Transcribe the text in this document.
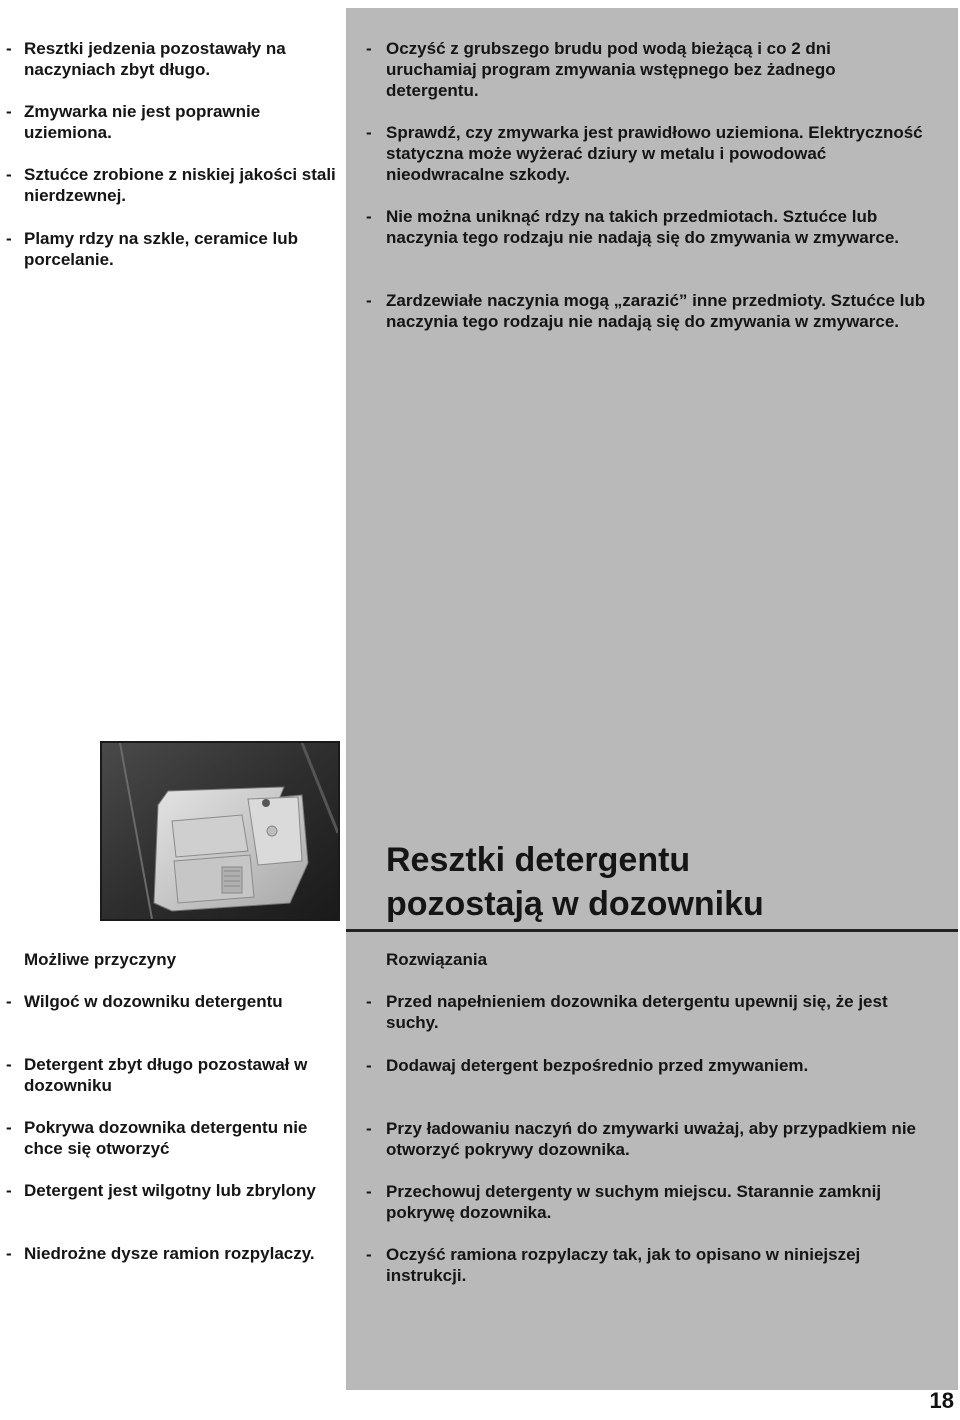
- Resztki jedzenia pozostawały na naczyniach zbyt długo.
- Zmywarka nie jest poprawnie uziemiona.
- Sztućce zrobione z niskiej jakości stali nierdzewnej.
- Plamy rdzy na szkle, ceramice lub porcelanie.
- Oczyść z grubszego brudu pod wodą bieżącą i co 2 dni uruchamiaj program zmywania wstępnego bez żadnego detergentu.
- Sprawdź, czy zmywarka jest prawidłowo uziemiona. Elektryczność statyczna może wyżerać dziury w metalu i powodować nieodwracalne szkody.
- Nie można uniknąć rdzy na takich przedmiotach. Sztućce lub naczynia tego rodzaju nie nadają się do zmywania w zmywarce.
- Zardzewiałe naczynia mogą „zarazić” inne przedmioty. Sztućce lub naczynia tego rodzaju nie nadają się do zmywania w zmywarce.
Resztki detergentu
pozostają w dozowniku
Możliwe przyczyny	Rozwiązania
- Wilgoć w dozowniku detergentu
- Detergent zbyt długo pozostawał w dozowniku
- Pokrywa dozownika detergentu nie chce się otworzyć
- Detergent jest wilgotny lub zbrylony
- Niedrożne dysze ramion rozpylaczy.
- Przed napełnieniem dozownika detergentu upewnij się, że jest suchy.
- Dodawaj detergent bezpośrednio przed zmywaniem.
- Przy ładowaniu naczyń do zmywarki uważaj, aby przypadkiem nie otworzyć pokrywy dozownika.
- Przechowuj detergenty w suchym miejscu. Starannie zamknij pokrywę dozownika.
- Oczyść ramiona rozpylaczy tak, jak to opisano w niniejszej instrukcji.
18
